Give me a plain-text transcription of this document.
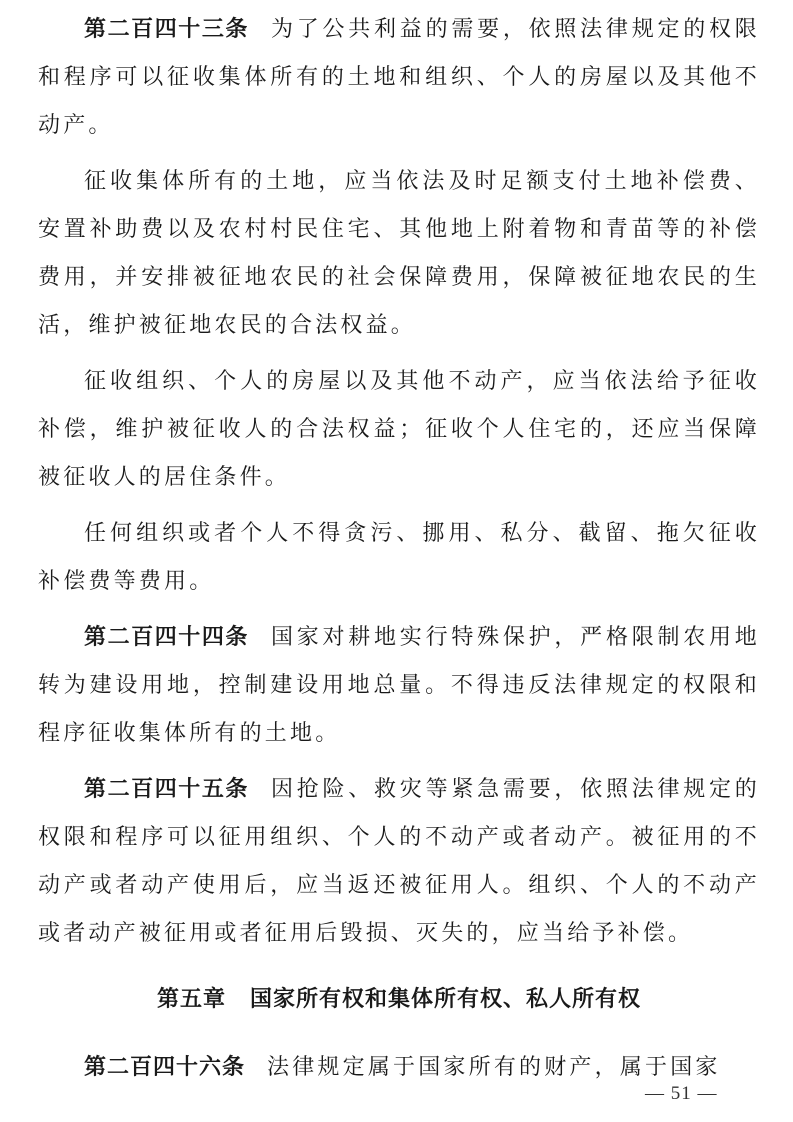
第二百四十三条 为了公共利益的需要，依照法律规定的权限和程序可以征收集体所有的土地和组织、个人的房屋以及其他不动产。

征收集体所有的土地，应当依法及时足额支付土地补偿费、安置补助费以及农村村民住宅、其他地上附着物和青苗等的补偿费用，并安排被征地农民的社会保障费用，保障被征地农民的生活，维护被征地农民的合法权益。

征收组织、个人的房屋以及其他不动产，应当依法给予征收补偿，维护被征收人的合法权益；征收个人住宅的，还应当保障被征收人的居住条件。

任何组织或者个人不得贪污、挪用、私分、截留、拖欠征收补偿费等费用。

第二百四十四条 国家对耕地实行特殊保护，严格限制农用地转为建设用地，控制建设用地总量。不得违反法律规定的权限和程序征收集体所有的土地。

第二百四十五条 因抢险、救灾等紧急需要，依照法律规定的权限和程序可以征用组织、个人的不动产或者动产。被征用的不动产或者动产使用后，应当返还被征用人。组织、个人的不动产或者动产被征用或者征用后毁损、灭失的，应当给予补偿。

第五章 国家所有权和集体所有权、私人所有权

第二百四十六条 法律规定属于国家所有的财产，属于国家

— 51 —
